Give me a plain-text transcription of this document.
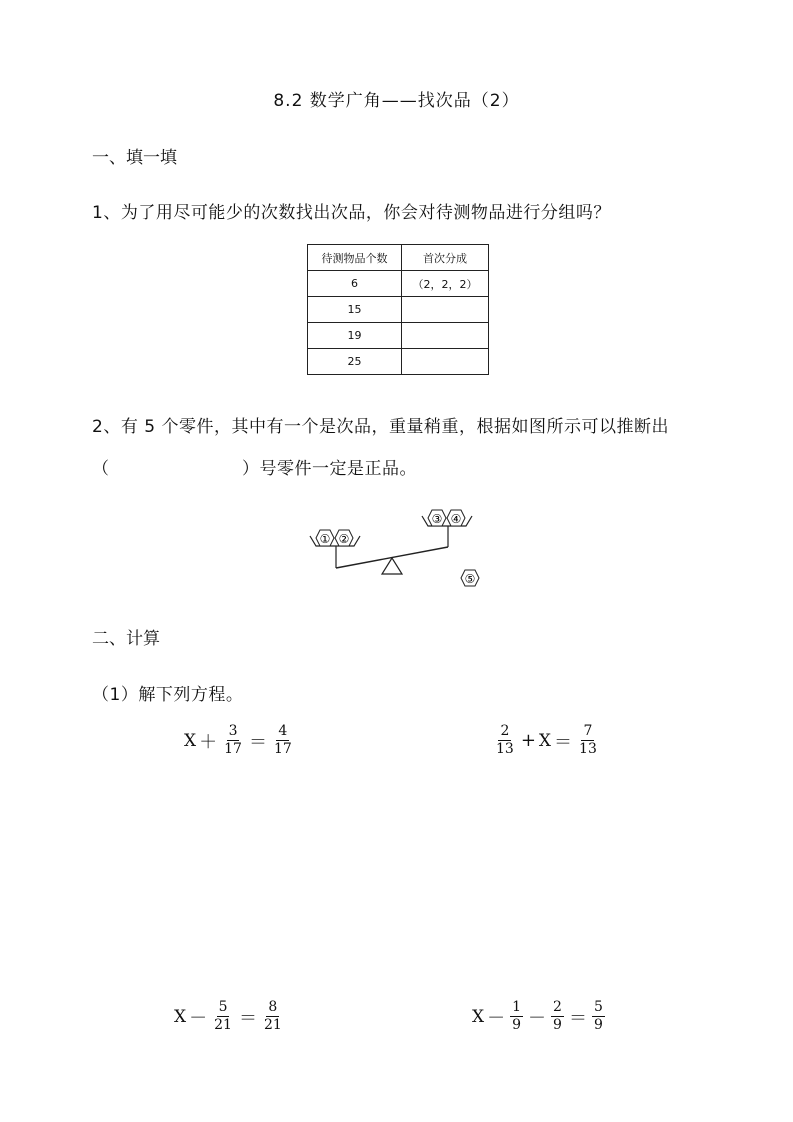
8.2 数学广角——找次品（2）
一、填一填
1、为了用尽可能少的次数找出次品，你会对待测物品进行分组吗？
待测物品个数	首次分成
6	（2，2，2）
15	
19	
25	
2、有 5 个零件，其中有一个是次品，重量稍重，根据如图所示可以推断出
（	）号零件一定是正品。
① ②
③ ④
⑤
二、计算
（1）解下列方程。
$X + \frac{3}{17} = \frac{4}{17}$	$\frac{2}{13} + X = \frac{7}{13}$
$X - \frac{5}{21} = \frac{8}{21}$	$X - \frac{1}{9} - \frac{2}{9} = \frac{5}{9}$
